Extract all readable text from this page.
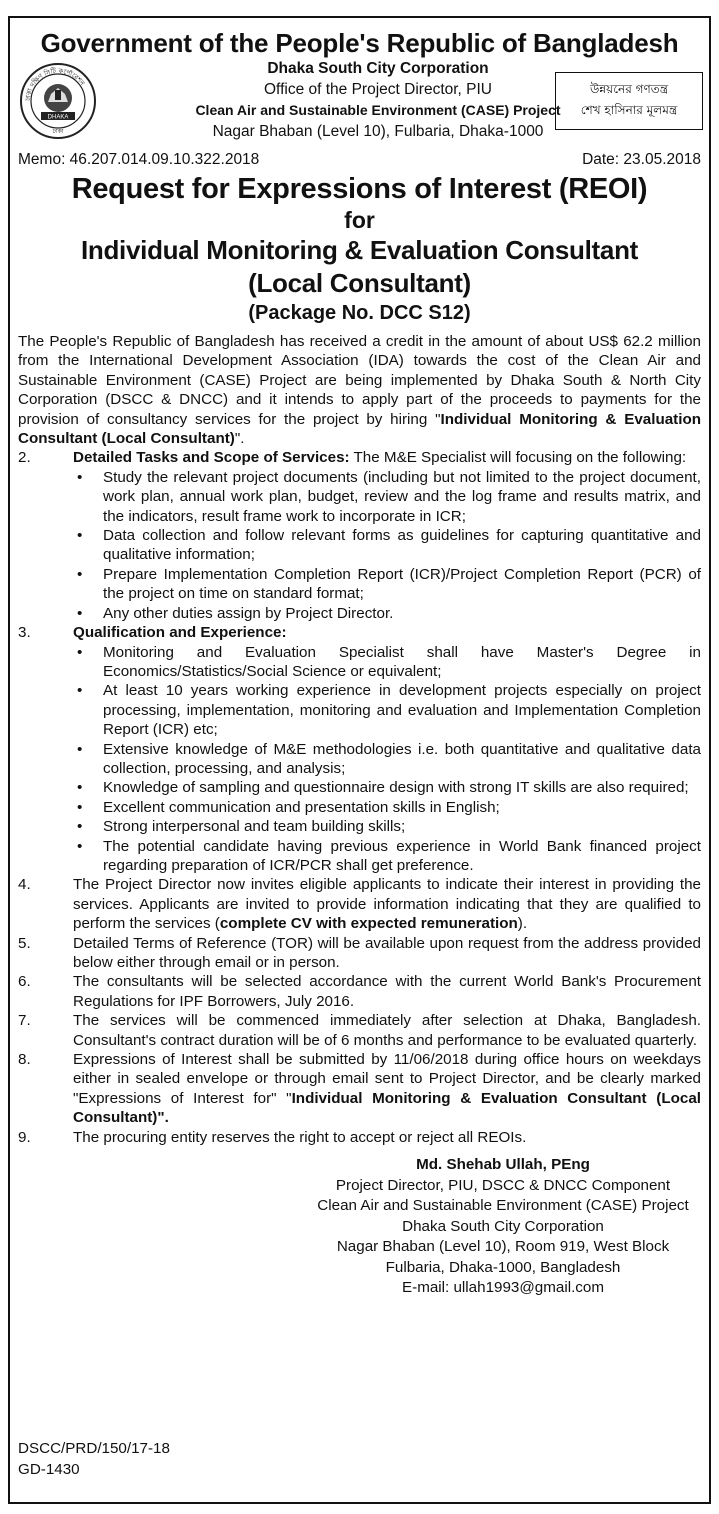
Government of the People's Republic of Bangladesh
ঢাকা দক্ষিণ সিটি কর্পোরেশন
DHAKA
ঢাকা
Dhaka South City Corporation
Office of the Project Director, PIU
Clean Air and Sustainable Environment (CASE) Project
Nagar Bhaban (Level 10), Fulbaria, Dhaka-1000
উন্নয়নের গণতন্ত্র
শেখ হাসিনার মূলমন্ত্র
Memo: 46.207.014.09.10.322.2018	Date: 23.05.2018
Request for Expressions of Interest (REOI)
for
Individual Monitoring & Evaluation Consultant
(Local Consultant)
(Package No. DCC S12)
The People's Republic of Bangladesh has received a credit in the amount of about US$ 62.2 million from the International Development Association (IDA) towards the cost of the Clean Air and Sustainable Environment (CASE) Project are being implemented by Dhaka South & North City Corporation (DSCC & DNCC) and it intends to apply part of the proceeds to payments for the provision of consultancy services for the project by hiring "Individual Monitoring & Evaluation Consultant (Local Consultant)".
2.	Detailed Tasks and Scope of Services: The M&E Specialist will focusing on the following:
• Study the relevant project documents (including but not limited to the project document, work plan, annual work plan, budget, review and the log frame and results matrix, and the indicators, result frame work to incorporate in ICR;
• Data collection and follow relevant forms as guidelines for capturing quantitative and qualitative information;
• Prepare Implementation Completion Report (ICR)/Project Completion Report (PCR) of the project on time on standard format;
• Any other duties assign by Project Director.
3.	Qualification and Experience:
• Monitoring and Evaluation Specialist shall have Master's Degree in Economics/Statistics/Social Science or equivalent;
• At least 10 years working experience in development projects especially on project processing, implementation, monitoring and evaluation and Implementation Completion Report (ICR) etc;
• Extensive knowledge of M&E methodologies i.e. both quantitative and qualitative data collection, processing, and analysis;
• Knowledge of sampling and questionnaire design with strong IT skills are also required;
• Excellent communication and presentation skills in English;
• Strong interpersonal and team building skills;
• The potential candidate having previous experience in World Bank financed project regarding preparation of ICR/PCR shall get preference.
4.	The Project Director now invites eligible applicants to indicate their interest in providing the services. Applicants are invited to provide information indicating that they are qualified to perform the services (complete CV with expected remuneration).
5.	Detailed Terms of Reference (TOR) will be available upon request from the address provided below either through email or in person.
6.	The consultants will be selected accordance with the current World Bank's Procurement Regulations for IPF Borrowers, July 2016.
7.	The services will be commenced immediately after selection at Dhaka, Bangladesh. Consultant's contract duration will be of 6 months and performance to be evaluated quarterly.
8.	Expressions of Interest shall be submitted by 11/06/2018 during office hours on weekdays either in sealed envelope or through email sent to Project Director, and be clearly marked "Expressions of Interest for" "Individual Monitoring & Evaluation Consultant (Local Consultant)".
9.	The procuring entity reserves the right to accept or reject all REOIs.
Md. Shehab Ullah, PEng
Project Director, PIU, DSCC & DNCC Component
Clean Air and Sustainable Environment (CASE) Project
Dhaka South City Corporation
Nagar Bhaban (Level 10), Room 919, West Block
Fulbaria, Dhaka-1000, Bangladesh
E-mail: ullah1993@gmail.com
DSCC/PRD/150/17-18
GD-1430
